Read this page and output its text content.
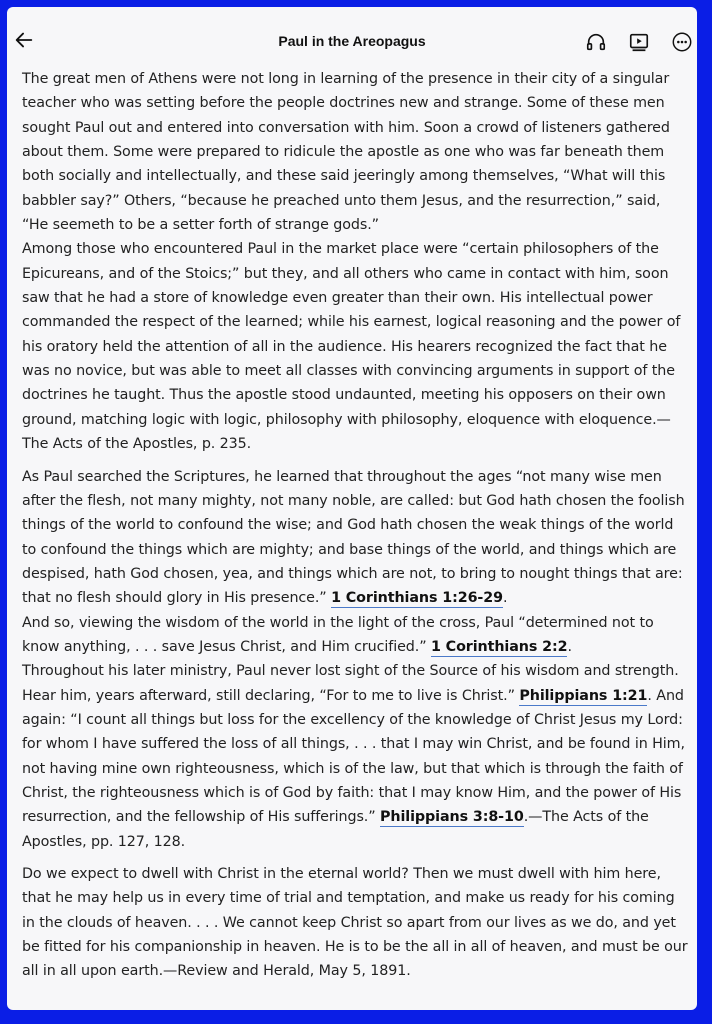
Paul in the Areopagus

The great men of Athens were not long in learning of the presence in their city of a singular teacher who was setting before the people doctrines new and strange. Some of these men sought Paul out and entered into conversation with him. Soon a crowd of listeners gathered about them. Some were prepared to ridicule the apostle as one who was far beneath them both socially and intellectually, and these said jeeringly among themselves, “What will this babbler say?” Others, “because he preached unto them Jesus, and the resurrection,” said, “He seemeth to be a setter forth of strange gods.”

Among those who encountered Paul in the market place were “certain philosophers of the Epicureans, and of the Stoics;” but they, and all others who came in contact with him, soon saw that he had a store of knowledge even greater than their own. His intellectual power commanded the respect of the learned; while his earnest, logical reasoning and the power of his oratory held the attention of all in the audience. His hearers recognized the fact that he was no novice, but was able to meet all classes with convincing arguments in support of the doctrines he taught. Thus the apostle stood undaunted, meeting his opposers on their own ground, matching logic with logic, philosophy with philosophy, eloquence with eloquence.—The Acts of the Apostles, p. 235.

As Paul searched the Scriptures, he learned that throughout the ages “not many wise men after the flesh, not many mighty, not many noble, are called: but God hath chosen the foolish things of the world to confound the wise; and God hath chosen the weak things of the world to confound the things which are mighty; and base things of the world, and things which are despised, hath God chosen, yea, and things which are not, to bring to nought things that are: that no flesh should glory in His presence.” 1 Corinthians 1:26-29.

And so, viewing the wisdom of the world in the light of the cross, Paul “determined not to know anything, . . . save Jesus Christ, and Him crucified.” 1 Corinthians 2:2.

Throughout his later ministry, Paul never lost sight of the Source of his wisdom and strength. Hear him, years afterward, still declaring, “For to me to live is Christ.” Philippians 1:21. And again: “I count all things but loss for the excellency of the knowledge of Christ Jesus my Lord: for whom I have suffered the loss of all things, . . . that I may win Christ, and be found in Him, not having mine own righteousness, which is of the law, but that which is through the faith of Christ, the righteousness which is of God by faith: that I may know Him, and the power of His resurrection, and the fellowship of His sufferings.” Philippians 3:8-10.—The Acts of the Apostles, pp. 127, 128.

Do we expect to dwell with Christ in the eternal world? Then we must dwell with him here, that he may help us in every time of trial and temptation, and make us ready for his coming in the clouds of heaven. . . . We cannot keep Christ so apart from our lives as we do, and yet be fitted for his companionship in heaven. He is to be the all in all of heaven, and must be our all in all upon earth.—Review and Herald, May 5, 1891.
